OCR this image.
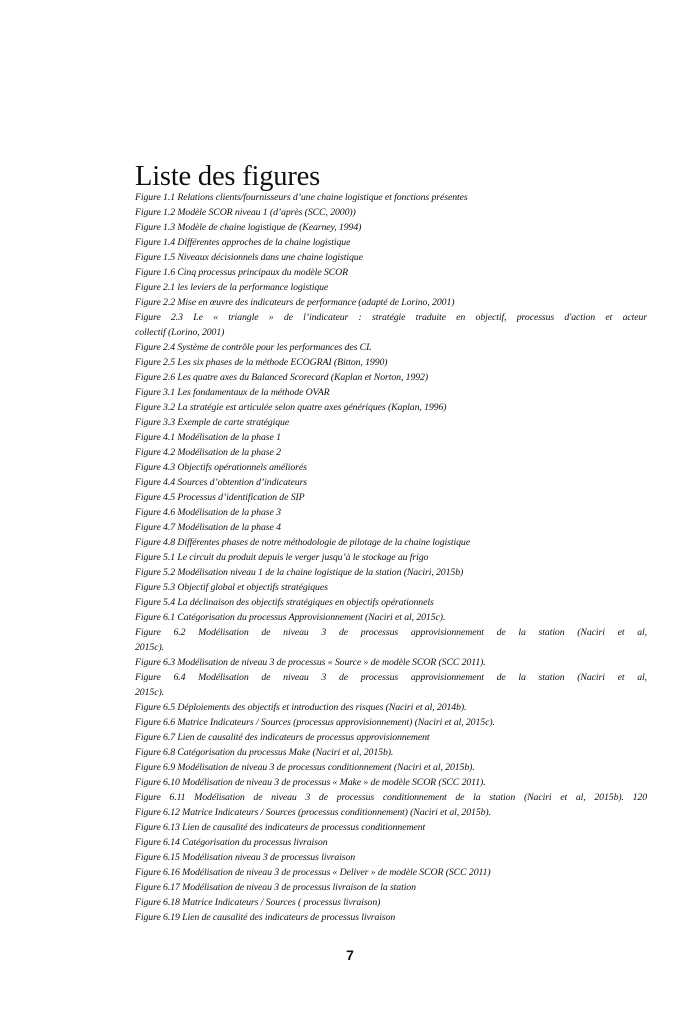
Liste des figures
Figure 1.1 Relations clients/fournisseurs d’une chaine logistique et fonctions présentes
Figure 1.2 Modèle SCOR niveau 1 (d’après (SCC, 2000))
Figure 1.3 Modèle de chaine logistique de (Kearney, 1994)
Figure 1.4 Différentes approches de la chaine logistique
Figure 1.5 Niveaux décisionnels dans une chaine logistique
Figure 1.6 Cinq processus principaux du modèle SCOR
Figure 2.1 les leviers de la performance logistique
Figure 2.2 Mise en œuvre des indicateurs de performance (adapté de Lorino, 2001)
Figure 2.3 Le « triangle » de l’indicateur : stratégie traduite en objectif, processus d'action et acteur
collectif (Lorino, 2001)
Figure 2.4 Système de contrôle pour les performances des CL
Figure 2.5 Les six phases de la méthode ECOGRAI (Bitton, 1990)
Figure 2.6 Les quatre axes du Balanced Scorecard (Kaplan et Norton, 1992)
Figure 3.1 Les fondamentaux de la méthode OVAR
Figure 3.2 La stratégie est articulée selon quatre axes génériques (Kaplan, 1996)
Figure 3.3 Exemple de carte stratégique
Figure 4.1 Modélisation de la phase 1
Figure 4.2 Modélisation de la phase 2
Figure 4.3 Objectifs opérationnels améliorés
Figure 4.4 Sources d’obtention d’indicateurs
Figure 4.5 Processus d’identification de SIP
Figure 4.6 Modélisation de la phase 3
Figure 4.7 Modélisation de la phase 4
Figure 4.8 Différentes phases de notre méthodologie de pilotage de la chaine logistique
Figure 5.1 Le circuit du produit depuis le verger jusqu’à le stockage au frigo
Figure 5.2 Modélisation niveau 1 de la chaine logistique de la station (Naciri, 2015b)
Figure 5.3 Objectif global et objectifs stratégiques
Figure 5.4 La déclinaison des objectifs stratégiques en objectifs opérationnels
Figure 6.1 Catégorisation du processus Approvisionnement (Naciri et al, 2015c).
Figure 6.2 Modélisation de niveau 3 de processus approvisionnement de la station (Naciri et al,
2015c).
Figure 6.3 Modélisation de niveau 3 de processus « Source » de modèle SCOR (SCC 2011).
Figure 6.4 Modélisation de niveau 3 de processus approvisionnement de la station (Naciri et al,
2015c).
Figure 6.5 Déploiements des objectifs et introduction des risques (Naciri et al, 2014b).
Figure 6.6 Matrice Indicateurs / Sources (processus approvisionnement) (Naciri et al, 2015c).
Figure 6.7 Lien de causalité des indicateurs de processus approvisionnement
Figure 6.8 Catégorisation du processus Make (Naciri et al, 2015b).
Figure 6.9 Modélisation de niveau 3 de processus conditionnement (Naciri et al, 2015b).
Figure 6.10 Modélisation de niveau 3 de processus « Make » de modèle SCOR (SCC 2011).
Figure 6.11 Modélisation de niveau 3 de processus conditionnement de la station (Naciri et al, 2015b). 120
Figure 6.12 Matrice Indicateurs / Sources (processus conditionnement) (Naciri et al, 2015b).
Figure 6.13 Lien de causalité des indicateurs de processus conditionnement
Figure 6.14 Catégorisation du processus livraison
Figure 6.15 Modélisation niveau 3 de processus livraison
Figure 6.16 Modélisation de niveau 3 de processus « Deliver » de modèle SCOR (SCC 2011)
Figure 6.17 Modélisation de niveau 3 de processus livraison de la station
Figure 6.18 Matrice Indicateurs / Sources ( processus livraison)
Figure 6.19 Lien de causalité des indicateurs de processus livraison
7
